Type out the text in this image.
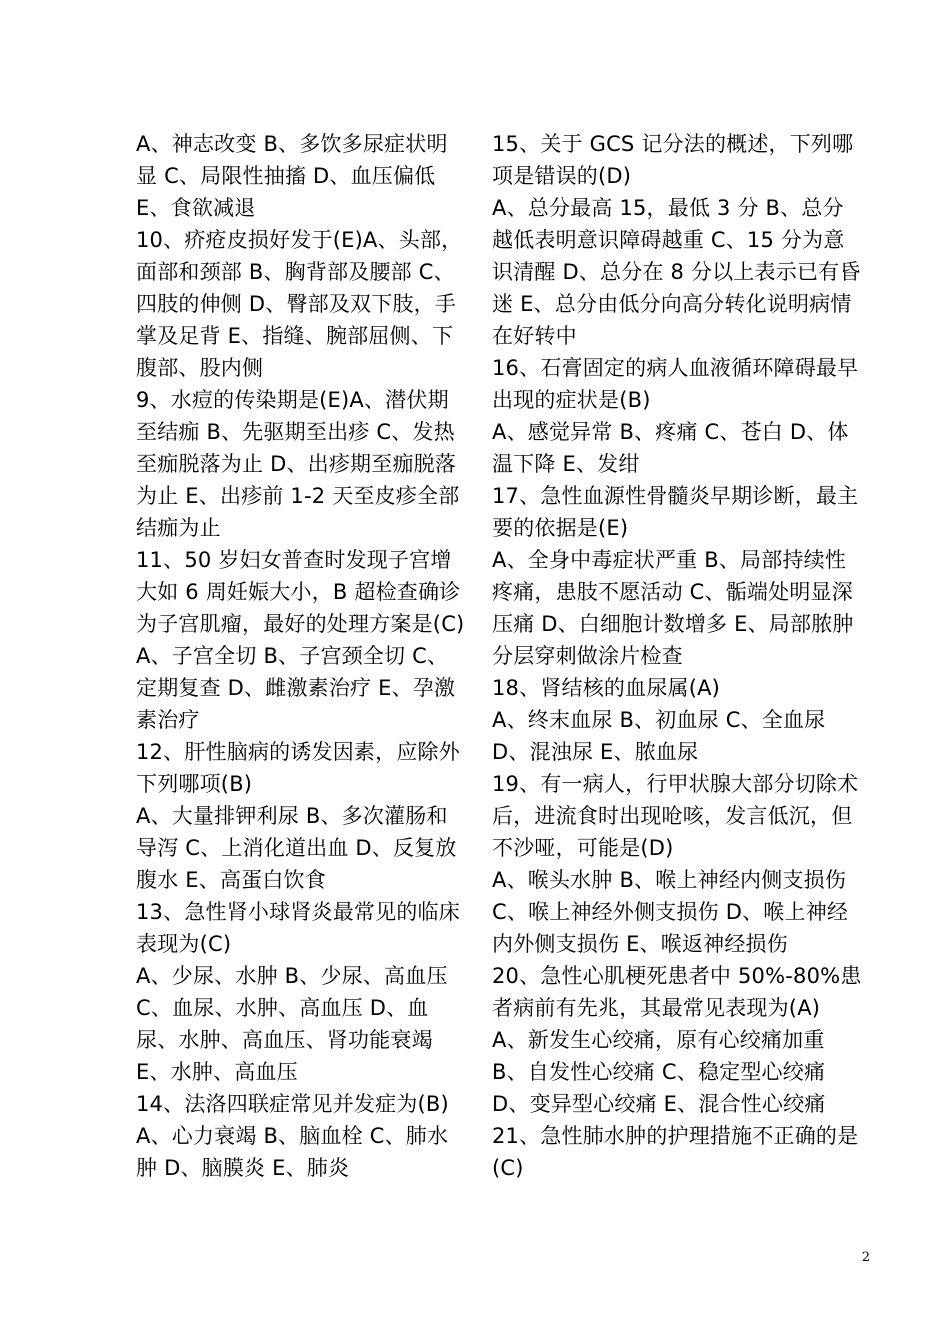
A、神志改变 B、多饮多尿症状明显 C、局限性抽搐 D、血压偏低 E、食欲减退

10、疥疮皮损好发于(E)A、头部，面部和颈部 B、胸背部及腰部 C、四肢的伸侧 D、臀部及双下肢，手掌及足背 E、指缝、腕部屈侧、下腹部、股内侧

9、水痘的传染期是(E)A、潜伏期至结痂 B、先驱期至出疹 C、发热至痂脱落为止 D、出疹期至痂脱落为止 E、出疹前 1-2 天至皮疹全部结痂为止

11、50 岁妇女普查时发现子宫增大如 6 周妊娠大小，B 超检查确诊为子宫肌瘤，最好的处理方案是(C)

A、子宫全切 B、子宫颈全切 C、定期复查 D、雌激素治疗 E、孕激素治疗

12、肝性脑病的诱发因素，应除外下列哪项(B)

A、大量排钾利尿 B、多次灌肠和导泻 C、上消化道出血 D、反复放腹水 E、高蛋白饮食

13、急性肾小球肾炎最常见的临床表现为(C)

A、少尿、水肿 B、少尿、高血压 C、血尿、水肿、高血压 D、血尿、水肿、高血压、肾功能衰竭 E、水肿、高血压

14、法洛四联症常见并发症为(B)

A、心力衰竭 B、脑血栓 C、肺水肿 D、脑膜炎 E、肺炎

15、关于 GCS 记分法的概述，下列哪项是错误的(D)

A、总分最高 15，最低 3 分 B、总分越低表明意识障碍越重 C、15 分为意识清醒 D、总分在 8 分以上表示已有昏迷 E、总分由低分向高分转化说明病情在好转中

16、石膏固定的病人血液循环障碍最早出现的症状是(B)

A、感觉异常 B、疼痛 C、苍白 D、体温下降 E、发绀

17、急性血源性骨髓炎早期诊断，最主要的依据是(E)

A、全身中毒症状严重 B、局部持续性疼痛，患肢不愿活动 C、骺端处明显深压痛 D、白细胞计数增多 E、局部脓肿分层穿刺做涂片检查

18、肾结核的血尿属(A)

A、终末血尿 B、初血尿 C、全血尿 D、混浊尿 E、脓血尿

19、有一病人，行甲状腺大部分切除术后，进流食时出现呛咳，发言低沉，但不沙哑，可能是(D)

A、喉头水肿 B、喉上神经内侧支损伤 C、喉上神经外侧支损伤 D、喉上神经内外侧支损伤 E、喉返神经损伤

20、急性心肌梗死患者中 50%-80%患者病前有先兆，其最常见表现为(A)

A、新发生心绞痛，原有心绞痛加重 B、自发性心绞痛 C、稳定型心绞痛 D、变异型心绞痛 E、混合性心绞痛

21、急性肺水肿的护理措施不正确的是(C)

2
